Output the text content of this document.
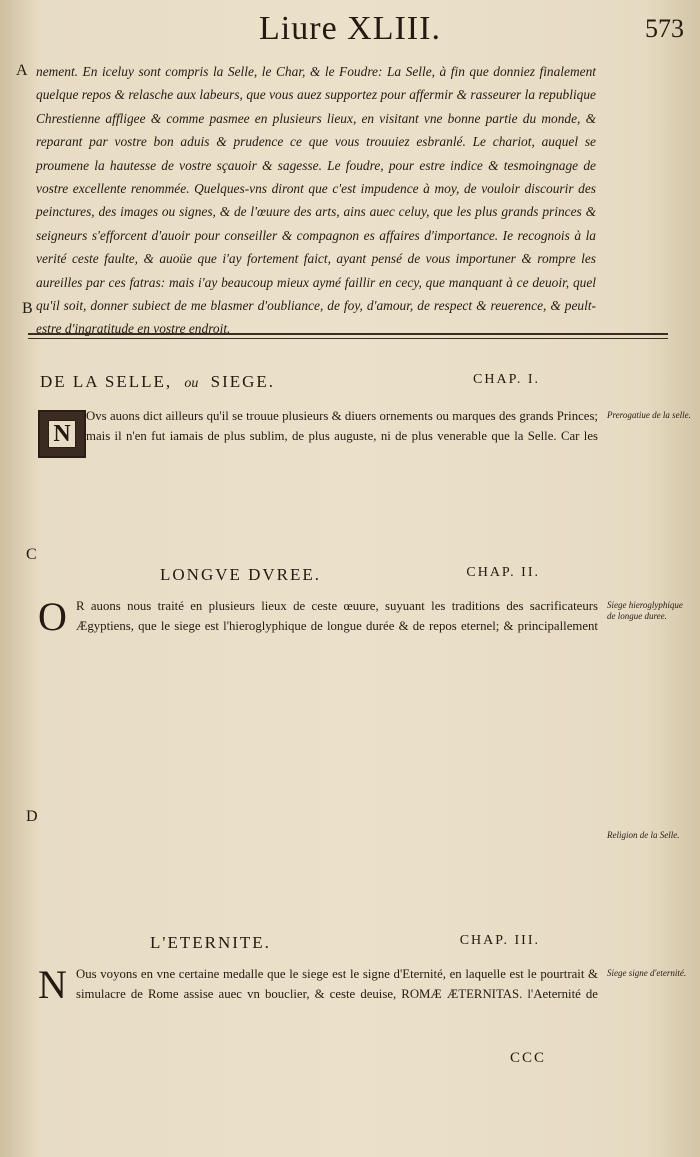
Liure XLIII.	573
A
B
C
D

nement. En iceluy sont compris la Selle, le Char, & le Foudre: La Selle, à fin que donniez finalement quelque repos & relasche aux labeurs, que vous auez supportez pour affermir & rasseurer la republique Chrestienne affligee & comme pasmee en plusieurs lieux, en visitant vne bonne partie du monde, & reparant par vostre bon aduis & prudence ce que vous trouuiez esbranlé. Le chariot, auquel se proumene la hautesse de vostre sçauoir & sagesse. Le foudre, pour estre indice & tesmoingnage de vostre excellente renommée. Quelques-vns diront que c'est impudence à moy, de vouloir discourir des peinctures, des images ou signes, & de l'œuure des arts, ains auec celuy, que les plus grands princes & seigneurs s'efforcent d'auoir pour conseiller & compagnon es affaires d'importance. Ie recognois à la verité ceste faulte, & auoüe que i'ay fortement faict, ayant pensé de vous importuner & rompre les aureilles par ces fatras: mais i'ay beaucoup mieux aymé faillir en cecy, que manquant à ce deuoir, quel qu'il soit, donner subiect de me blasmer d'oubliance, de foy, d'amour, de respect & reuerence, & peult-estre d'ingratitude en vostre endroit.

DE LA SELLE, ou SIEGE.	CHAP. I.
N

Ovs auons dict ailleurs qu'il se trouue plusieurs & diuers ornements ou marques des grands Princes; mais il n'en fut iamais de plus sublim, de plus auguste, ni de plus venerable que la Selle. Car les

Prerogatiue de la selle.
LONGVE DVREE.	CHAP. II.
O R auons nous traité en plusieurs lieux de ceste œuure, suyuant les traditions des sacrificateurs Ægyptiens, que le siege est l'hieroglyphique de longue durée & de repos eternel; & principallement

Siege hieroglyphique de longue duree.
Religion de la Selle.
L'ETERNITE.	CHAP. III.
N Ous voyons en vne certaine medalle que le siege est le signe d'Eternité, en laquelle est le pourtrait & simulacre de Rome assise auec vn bouclier, & ceste deuise, ROMÆ ÆTERNITAS. l'Aeternité de

Siege signe d'eternité.
CCC
